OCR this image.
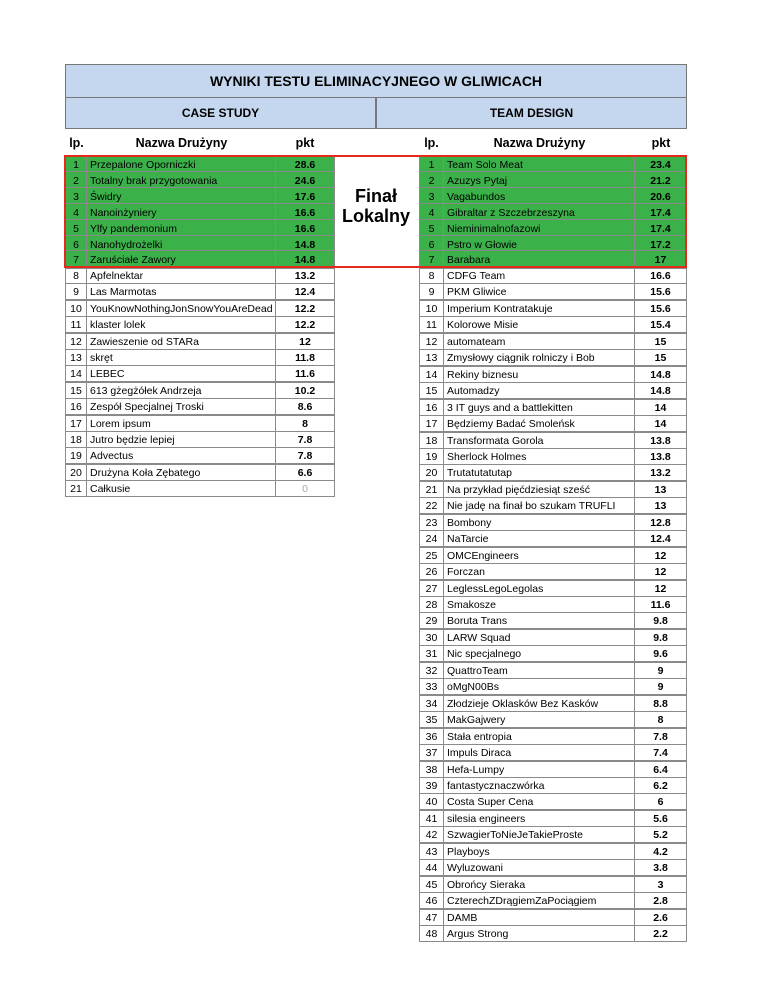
WYNIKI TESTU ELIMINACYJNEGO W GLIWICACH
CASE STUDY	TEAM DESIGN
lp.	Nazwa Drużyny	pkt	lp.	Nazwa Drużyny	pkt
1	Przepalone Oporniczki	28.6
2	Totalny brak przygotowania	24.6
3	Świdry	17.6
4	Nanoinżyniery	16.6
5	Ylfy pandemonium	16.6
6	Nanohydrożelki	14.8
7	Zaruściałe Zawory	14.8
8	Apfelnektar	13.2
9	Las Marmotas	12.4
10 YouKnowNothingJonSnowYouAreDead	12.2
11 klaster lolek	12.2
12 Zawieszenie od STARa	12
13 skręt	11.8
14 LEBEC	11.6
15 613 gżegżółek Andrzeja	10.2
16 Zespół Specjalnej Troski	8.6
17 Lorem ipsum	8
18 Jutro będzie lepiej	7.8
19 Advectus	7.8
20 Drużyna Koła Zębatego	6.6
21 Całkusie	0
1	Team Solo Meat	23.4
2	Azuzys Pytaj	21.2
3	Vagabundos	20.6
4	Gibraltar z Szczebrzeszyna	17.4
5	Nieminimalnofazowi	17.4
6	Pstro w Głowie	17.2
7	Barabara	17
8	CDFG Team	16.6
9	PKM Gliwice	15.6
10 Imperium Kontratakuje	15.6
11 Kolorowe Misie	15.4
12 automateam	15
13 Zmysłowy ciągnik rolniczy i Bob	15
14 Rekiny biznesu	14.8
15 Automadzy	14.8
16 3 IT guys and a battlekitten	14
17 Będziemy Badać Smoleńsk	14
18 Transformata Gorola	13.8
19 Sherlock Holmes	13.8
20 Trutatutatutap	13.2
21 Na przykład pięćdziesiąt sześć	13
22 Nie jadę na finał bo szukam TRUFLI	13
23 Bombony	12.8
24 NaTarcie	12.4
25 OMCEngineers	12
26 Forczan	12
27 LeglessLegoLegolas	12
28 Smakosze	11.6
29 Boruta Trans	9.8
30 LARW Squad	9.8
31 Nic specjalnego	9.6
32 QuattroTeam	9
33 oMgN00Bs	9
34 Złodzieje Oklasków Bez Kasków	8.8
35 MakGajwery	8
36 Stała entropia	7.8
37 Impuls Diraca	7.4
38 Hefa-Lumpy	6.4
39 fantastycznaczwórka	6.2
40 Costa Super Cena	6
41 silesia engineers	5.6
42 SzwagierToNieJeTakieProste	5.2
43 Playboys	4.2
44 Wyluzowani	3.8
45 Obrońcy Sieraka	3
46 CzterechZDrągiemZaPociągiem	2.8
47 DAMB	2.6
48 Argus Strong	2.2
Finał
Lokalny
